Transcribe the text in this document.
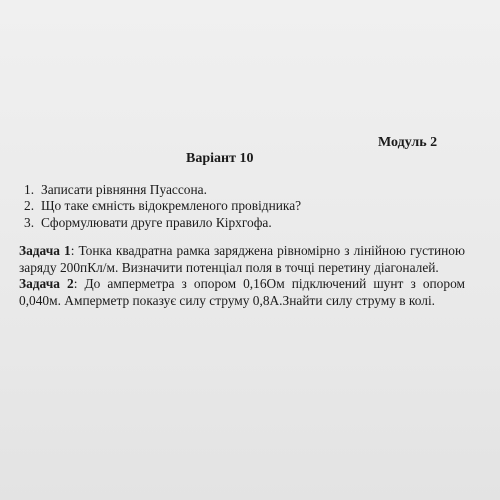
Модуль 2
Варіант 10
1. Записати рівняння Пуассона.
2. Що таке ємність відокремленого провідника?
3. Сформулювати друге правило Кірхгофа.

Задача 1: Тонка квадратна рамка заряджена рівномірно з лінійною густиною заряду 200пКл/м. Визначити потенціал поля в точці перетину діагоналей.

Задача 2: До амперметра з опором 0,16Ом підключений шунт з опором 0,040м. Амперметр показує силу струму 0,8А.Знайти силу струму в колі.
